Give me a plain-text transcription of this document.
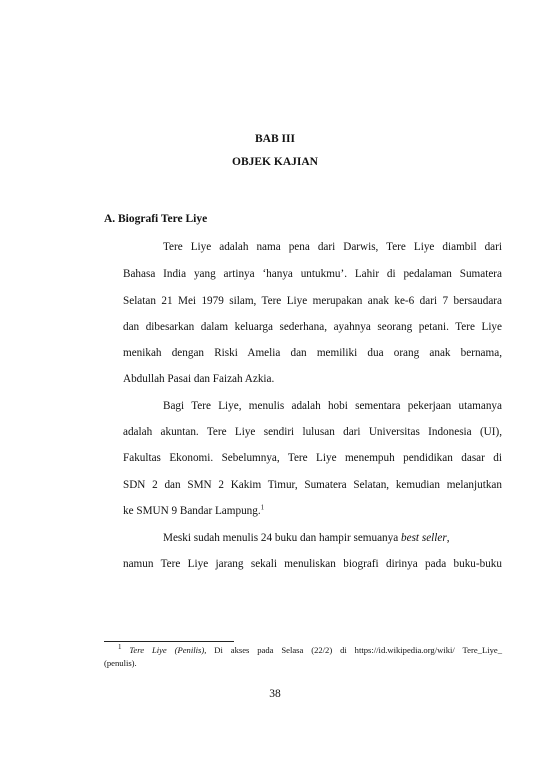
BAB III
OBJEK KAJIAN
A. Biografi Tere Liye
Tere Liye adalah nama pena dari Darwis, Tere Liye diambil dari
Bahasa India yang artinya ‘hanya untukmu’. Lahir di pedalaman Sumatera
Selatan 21 Mei 1979 silam, Tere Liye merupakan anak ke-6 dari 7 bersaudara
dan dibesarkan dalam keluarga sederhana, ayahnya seorang petani. Tere Liye
menikah dengan Riski Amelia dan memiliki dua orang anak bernama,
Abdullah Pasai dan Faizah Azkia.
Bagi Tere Liye, menulis adalah hobi sementara pekerjaan utamanya
adalah akuntan. Tere Liye sendiri lulusan dari Universitas Indonesia (UI),
Fakultas Ekonomi. Sebelumnya, Tere Liye menempuh pendidikan dasar di
SDN 2 dan SMN 2 Kakim Timur, Sumatera Selatan, kemudian melanjutkan
ke SMUN 9 Bandar Lampung.$^1$
Meski sudah menulis 24 buku dan hampir semuanya best seller,
namun Tere Liye jarang sekali menuliskan biografi dirinya pada buku-buku
$^1$ Tere Liye (Penilis), Di akses pada Selasa (22/2) di https://id.wikipedia.org/wiki/ Tere_Liye_
(penulis).
38
